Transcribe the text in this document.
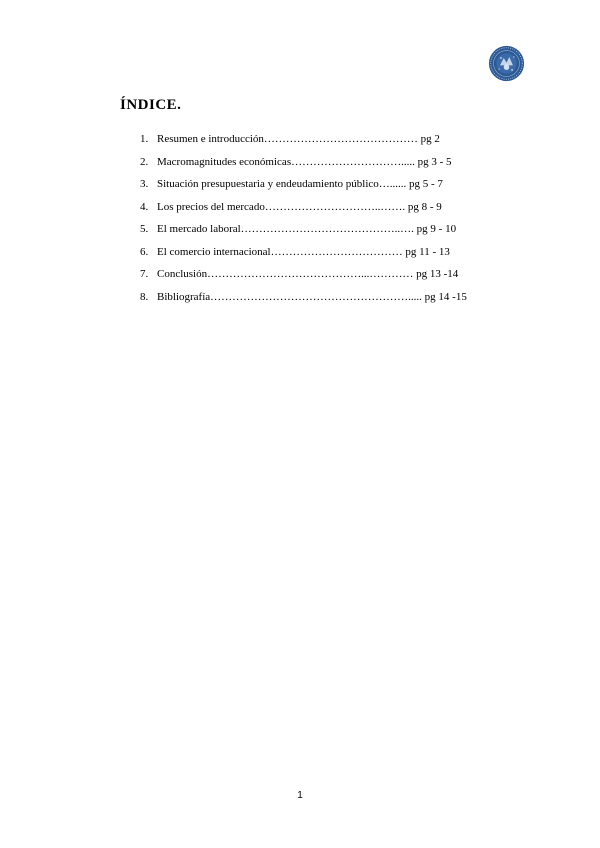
ÍNDICE.
1. Resumen e introducción…………………………………… pg 2
2. Macromagnitudes económicas…………………………..... pg 3 - 5
3. Situación presupuestaria y endeudamiento público…...... pg 5 - 7
4. Los precios del mercado…………………………..……. pg 8 - 9
5. El mercado laboral……………………………………..…. pg 9 - 10
6. El comercio internacional……………………………… pg 11 - 13
7. Conclusión……………………………………...………… pg 13 -14
8. Bibliografía………………………………………………..... pg 14 -15
1
